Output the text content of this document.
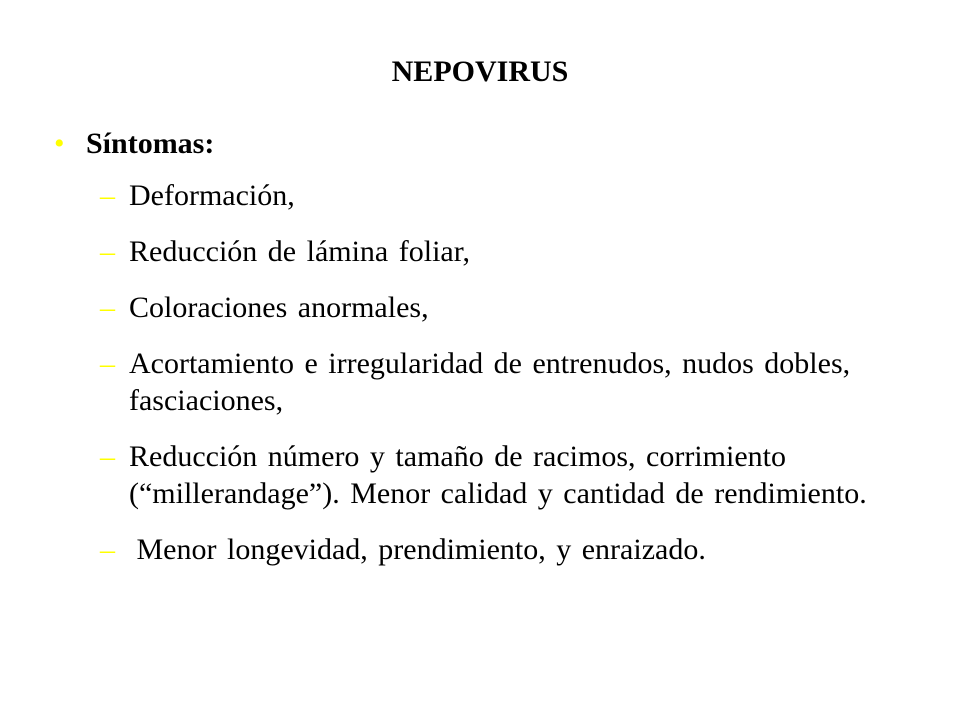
NEPOVIRUS
• Síntomas:
– Deformación,
– Reducción de lámina foliar,
– Coloraciones anormales,
– Acortamiento e irregularidad de entrenudos, nudos dobles, fasciaciones,
– Reducción número y tamaño de racimos, corrimiento (“millerandage”). Menor calidad y cantidad de rendimiento.
– Menor longevidad, prendimiento, y enraizado.
